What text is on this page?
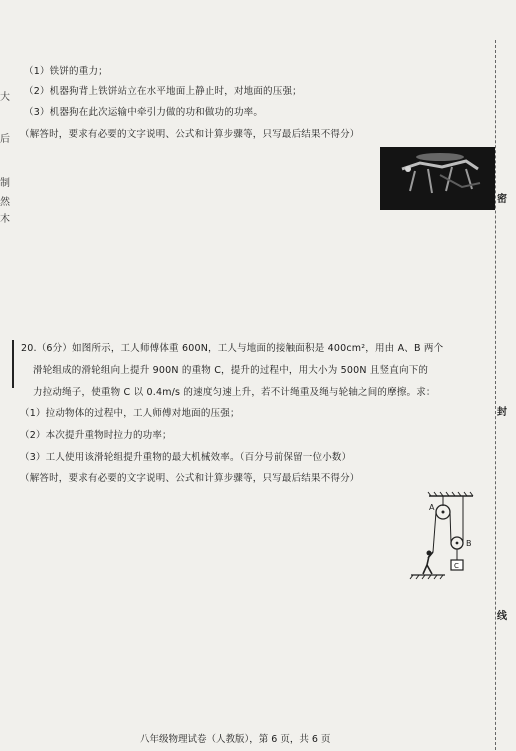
大
后
制
然
木
（1）铁饼的重力；
（2）机器狗背上铁饼站立在水平地面上静止时，对地面的压强；
（3）机器狗在此次运输中牵引力做的功和做功的功率。
（解答时，要求有必要的文字说明、公式和计算步骤等，只写最后结果不得分）
20.（6分）如图所示，工人师傅体重 600N，工人与地面的接触面积是 400cm²，用由 A、B 两个
滑轮组成的滑轮组向上提升 900N 的重物 C，提升的过程中，用大小为 500N 且竖直向下的
力拉动绳子，使重物 C 以 0.4m/s 的速度匀速上升，若不计绳重及绳与轮轴之间的摩擦。求：
（1）拉动物体的过程中，工人师傅对地面的压强；
（2）本次提升重物时拉力的功率；
（3）工人使用该滑轮组提升重物的最大机械效率。（百分号前保留一位小数）
（解答时，要求有必要的文字说明、公式和计算步骤等，只写最后结果不得分）
A
B
C
密
封
线
八年级物理试卷（人教版），第 6 页，共 6 页
